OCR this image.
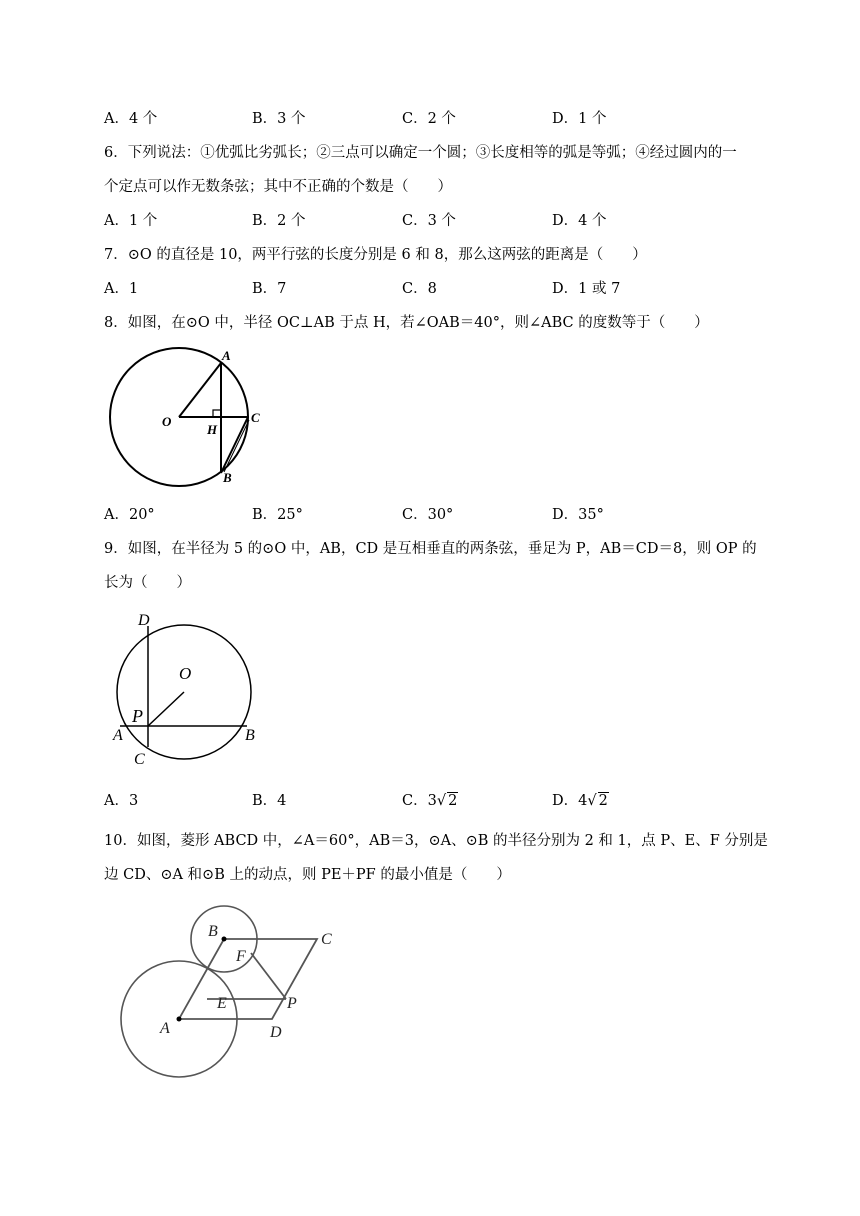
A．4 个	B．3 个	C．2 个	D．1 个
6．下列说法：①优弧比劣弧长；②三点可以确定一个圆；③长度相等的弧是等弧；④经过圆内的一
个定点可以作无数条弦；其中不正确的个数是（　　）
A．1 个	B．2 个	C．3 个	D．4 个
7．⊙O 的直径是 10，两平行弦的长度分别是 6 和 8，那么这两弦的距离是（　　）
A．1	B．7	C．8	D．1 或 7
8．如图，在⊙O 中，半径 OC⊥AB 于点 H，若∠OAB＝40°，则∠ABC 的度数等于（　　）
A
O
H
C
B
A．20°	B．25°	C．30°	D．35°
9．如图，在半径为 5 的⊙O 中，AB，CD 是互相垂直的两条弦，垂足为 P，AB＝CD＝8，则 OP 的
长为（　　）
D
O
P
A	B
C
A．3	B．4	C．3√ 2	D．4√ 2
10．如图，菱形 ABCD 中，∠A＝60°，AB＝3，⊙A、⊙B 的半径分别为 2 和 1，点 P、E、F 分别是
边 CD、⊙A 和⊙B 上的动点，则 PE＋PF 的最小值是（　　）
B	C
F
E	P
A	D
